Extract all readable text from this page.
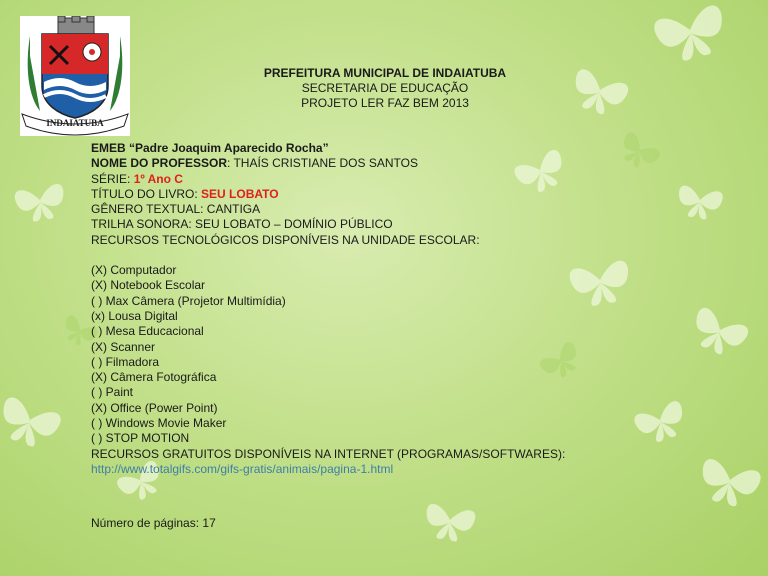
INDAIATUBA
PREFEITURA MUNICIPAL DE INDAIATUBA
SECRETARIA DE EDUCAÇÃO
PROJETO LER FAZ BEM 2013
EMEB “Padre Joaquim Aparecido Rocha”
NOME DO PROFESSOR: THAÍS CRISTIANE DOS SANTOS
SÉRIE: 1º Ano C
TÍTULO DO LIVRO: SEU LOBATO
GÊNERO TEXTUAL: CANTIGA
TRILHA SONORA: SEU LOBATO – DOMÍNIO PÚBLICO
RECURSOS TECNOLÓGICOS DISPONÍVEIS NA UNIDADE ESCOLAR:
(X) Computador
(X) Notebook Escolar
( ) Max Câmera (Projetor Multimídia)
(x) Lousa Digital
( ) Mesa Educacional
(X) Scanner
( ) Filmadora
(X) Câmera Fotográfica
( ) Paint
(X) Office (Power Point)
( ) Windows Movie Maker
( ) STOP MOTION
RECURSOS GRATUITOS DISPONÍVEIS NA INTERNET (PROGRAMAS/SOFTWARES):
http://www.totalgifs.com/gifs-gratis/animais/pagina-1.html
Número de páginas: 17
